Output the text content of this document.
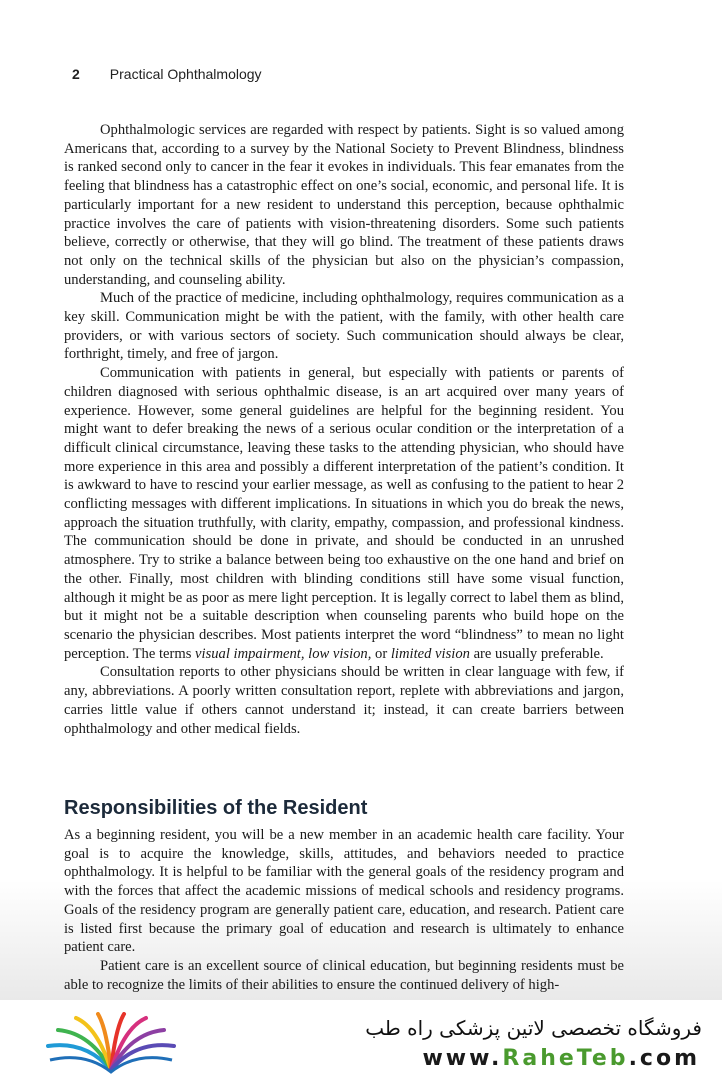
2 Practical Ophthalmology

Ophthalmologic services are regarded with respect by patients. Sight is so valued among Americans that, according to a survey by the National Society to Prevent Blindness, blindness is ranked second only to cancer in the fear it evokes in individuals. This fear emanates from the feeling that blindness has a catastrophic effect on one’s social, economic, and personal life. It is particularly important for a new resident to understand this perception, because ophthalmic practice involves the care of patients with vision-threatening disorders. Some such patients believe, correctly or otherwise, that they will go blind. The treatment of these patients draws not only on the technical skills of the physician but also on the physician’s compassion, understanding, and counseling ability.

Much of the practice of medicine, including ophthalmology, requires communication as a key skill. Communication might be with the patient, with the family, with other health care providers, or with various sectors of society. Such communication should always be clear, forthright, timely, and free of jargon.

Communication with patients in general, but especially with patients or parents of children diagnosed with serious ophthalmic disease, is an art acquired over many years of experience. However, some general guidelines are helpful for the beginning resident. You might want to defer breaking the news of a serious ocular condition or the interpretation of a difficult clinical circumstance, leaving these tasks to the attending physician, who should have more experience in this area and possibly a different interpretation of the patient’s condition. It is awkward to have to rescind your earlier message, as well as confusing to the patient to hear 2 conflicting messages with different implications. In situations in which you do break the news, approach the situation truthfully, with clarity, empathy, compassion, and professional kindness. The communication should be done in private, and should be conducted in an unrushed atmosphere. Try to strike a balance between being too exhaustive on the one hand and brief on the other. Finally, most children with blinding conditions still have some visual function, although it might be as poor as mere light perception. It is legally correct to label them as blind, but it might not be a suitable description when counseling parents who build hope on the scenario the physician describes. Most patients interpret the word “blindness” to mean no light perception. The terms visual impairment, low vision, or limited vision are usually preferable.

Consultation reports to other physicians should be written in clear language with few, if any, abbreviations. A poorly written consultation report, replete with abbreviations and jargon, carries little value if others cannot understand it; instead, it can create barriers between ophthalmology and other medical fields.

Responsibilities of the Resident

As a beginning resident, you will be a new member in an academic health care facility. Your goal is to acquire the knowledge, skills, attitudes, and behaviors needed to practice ophthalmology. It is helpful to be familiar with the general goals of the residency program and with the forces that affect the academic missions of medical schools and residency programs. Goals of the residency program are generally patient care, education, and research. Patient care is listed first because the primary goal of education and research is ultimately to enhance patient care.

Patient care is an excellent source of clinical education, but beginning residents must be able to recognize the limits of their abilities to ensure the continued delivery of high-

فروشگاه تخصصی لاتین پزشکی راه طب
www.RaheTeb.com
